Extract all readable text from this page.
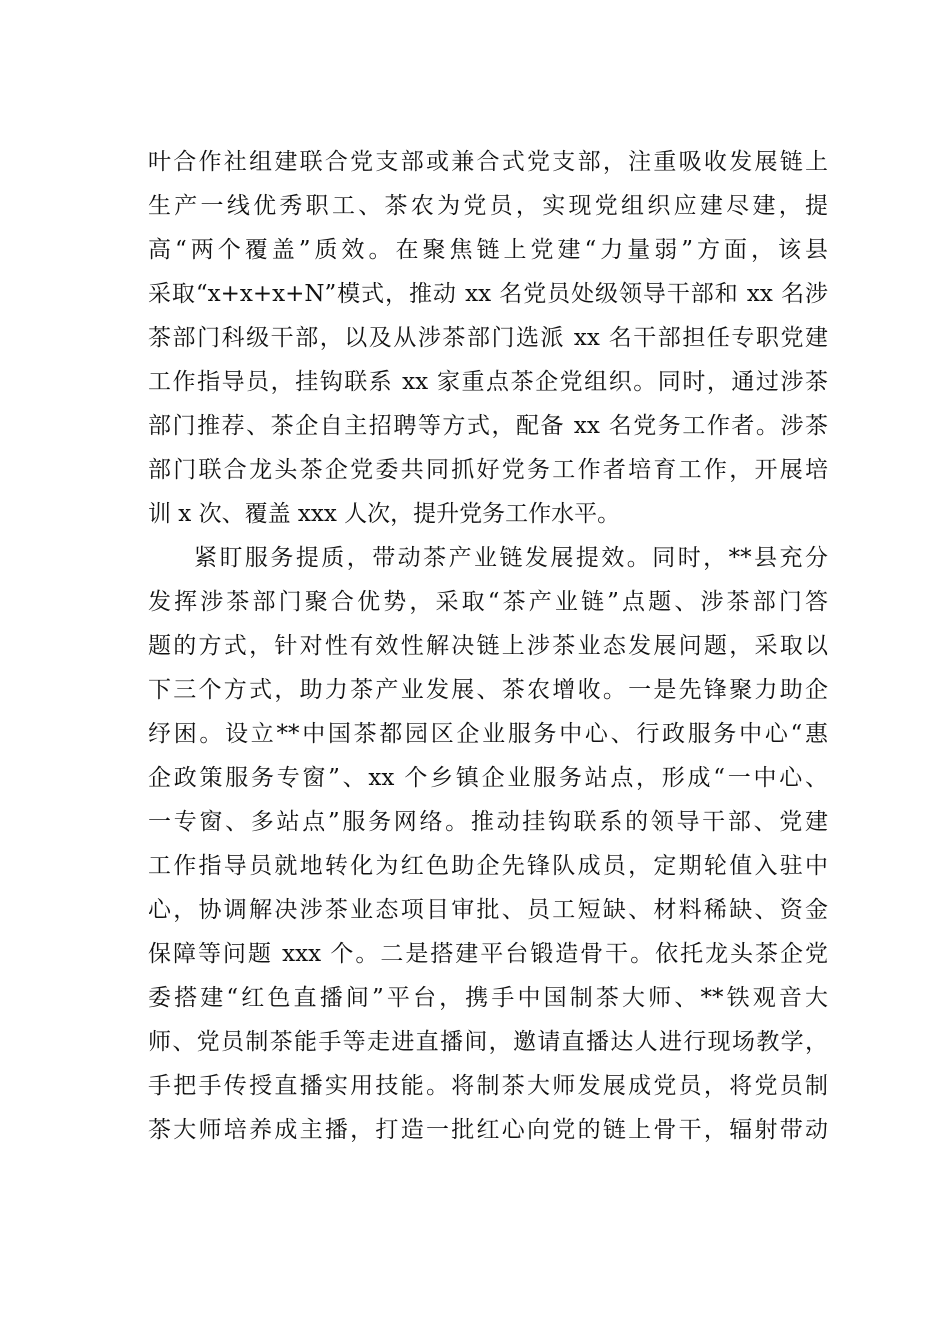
叶合作社组建联合党支部或兼合式党支部，注重吸收发展链上
生产一线优秀职工、茶农为党员，实现党组织应建尽建，提
高“两个覆盖”质效。在聚焦链上党建“力量弱”方面，该县
采取“x+x+x+N”模式，推动 xx 名党员处级领导干部和 xx 名涉
茶部门科级干部，以及从涉茶部门选派 xx 名干部担任专职党建
工作指导员，挂钩联系 xx 家重点茶企党组织。同时，通过涉茶
部门推荐、茶企自主招聘等方式，配备 xx 名党务工作者。涉茶
部门联合龙头茶企党委共同抓好党务工作者培育工作，开展培
训 x 次、覆盖 xxx 人次，提升党务工作水平。
紧盯服务提质，带动茶产业链发展提效。同时，**县充分
发挥涉茶部门聚合优势，采取“茶产业链”点题、涉茶部门答
题的方式，针对性有效性解决链上涉茶业态发展问题，采取以
下三个方式，助力茶产业发展、茶农增收。一是先锋聚力助企
纾困。设立**中国茶都园区企业服务中心、行政服务中心“惠
企政策服务专窗”、xx 个乡镇企业服务站点，形成“一中心、
一专窗、多站点”服务网络。推动挂钩联系的领导干部、党建
工作指导员就地转化为红色助企先锋队成员，定期轮值入驻中
心，协调解决涉茶业态项目审批、员工短缺、材料稀缺、资金
保障等问题 xxx 个。二是搭建平台锻造骨干。依托龙头茶企党
委搭建“红色直播间”平台，携手中国制茶大师、**铁观音大
师、党员制茶能手等走进直播间，邀请直播达人进行现场教学，
手把手传授直播实用技能。将制茶大师发展成党员，将党员制
茶大师培养成主播，打造一批红心向党的链上骨干，辐射带动
